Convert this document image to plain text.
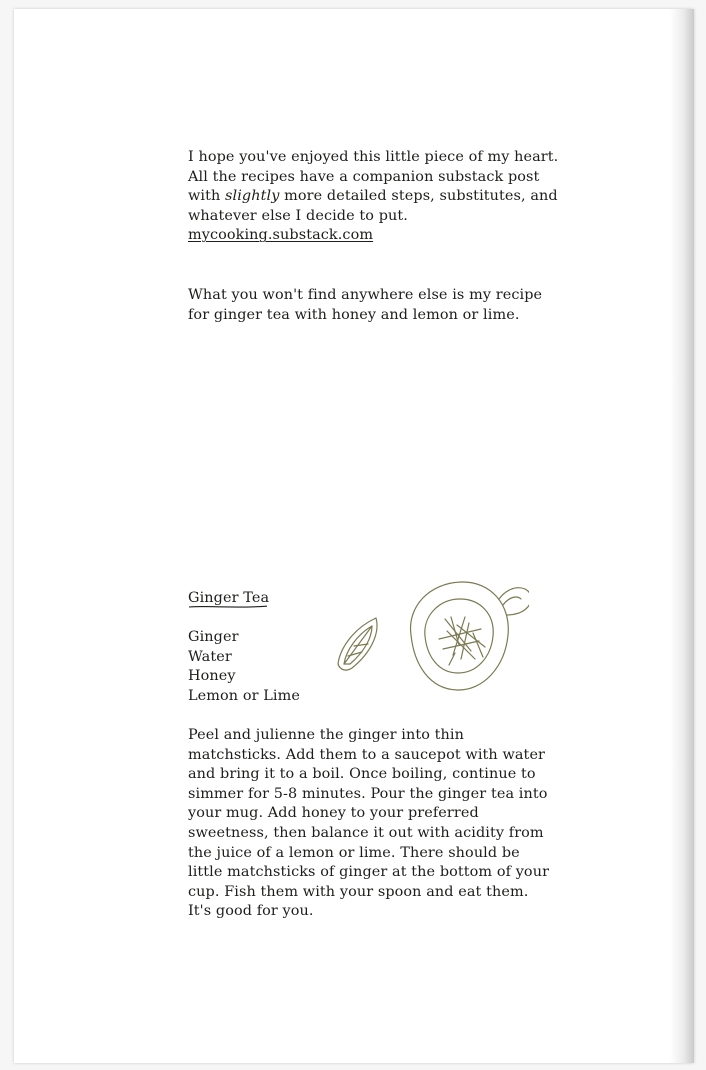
I hope you've enjoyed this little piece of my heart.
All the recipes have a companion substack post
with slightly more detailed steps, substitutes, and
whatever else I decide to put.
mycooking.substack.com
What you won't find anywhere else is my recipe
for ginger tea with honey and lemon or lime.
Ginger Tea
Ginger
Water
Honey
Lemon or Lime
Peel and julienne the ginger into thin
matchsticks. Add them to a saucepot with water
and bring it to a boil. Once boiling, continue to
simmer for 5-8 minutes. Pour the ginger tea into
your mug. Add honey to your preferred
sweetness, then balance it out with acidity from
the juice of a lemon or lime. There should be
little matchsticks of ginger at the bottom of your
cup. Fish them with your spoon and eat them.
It's good for you.
